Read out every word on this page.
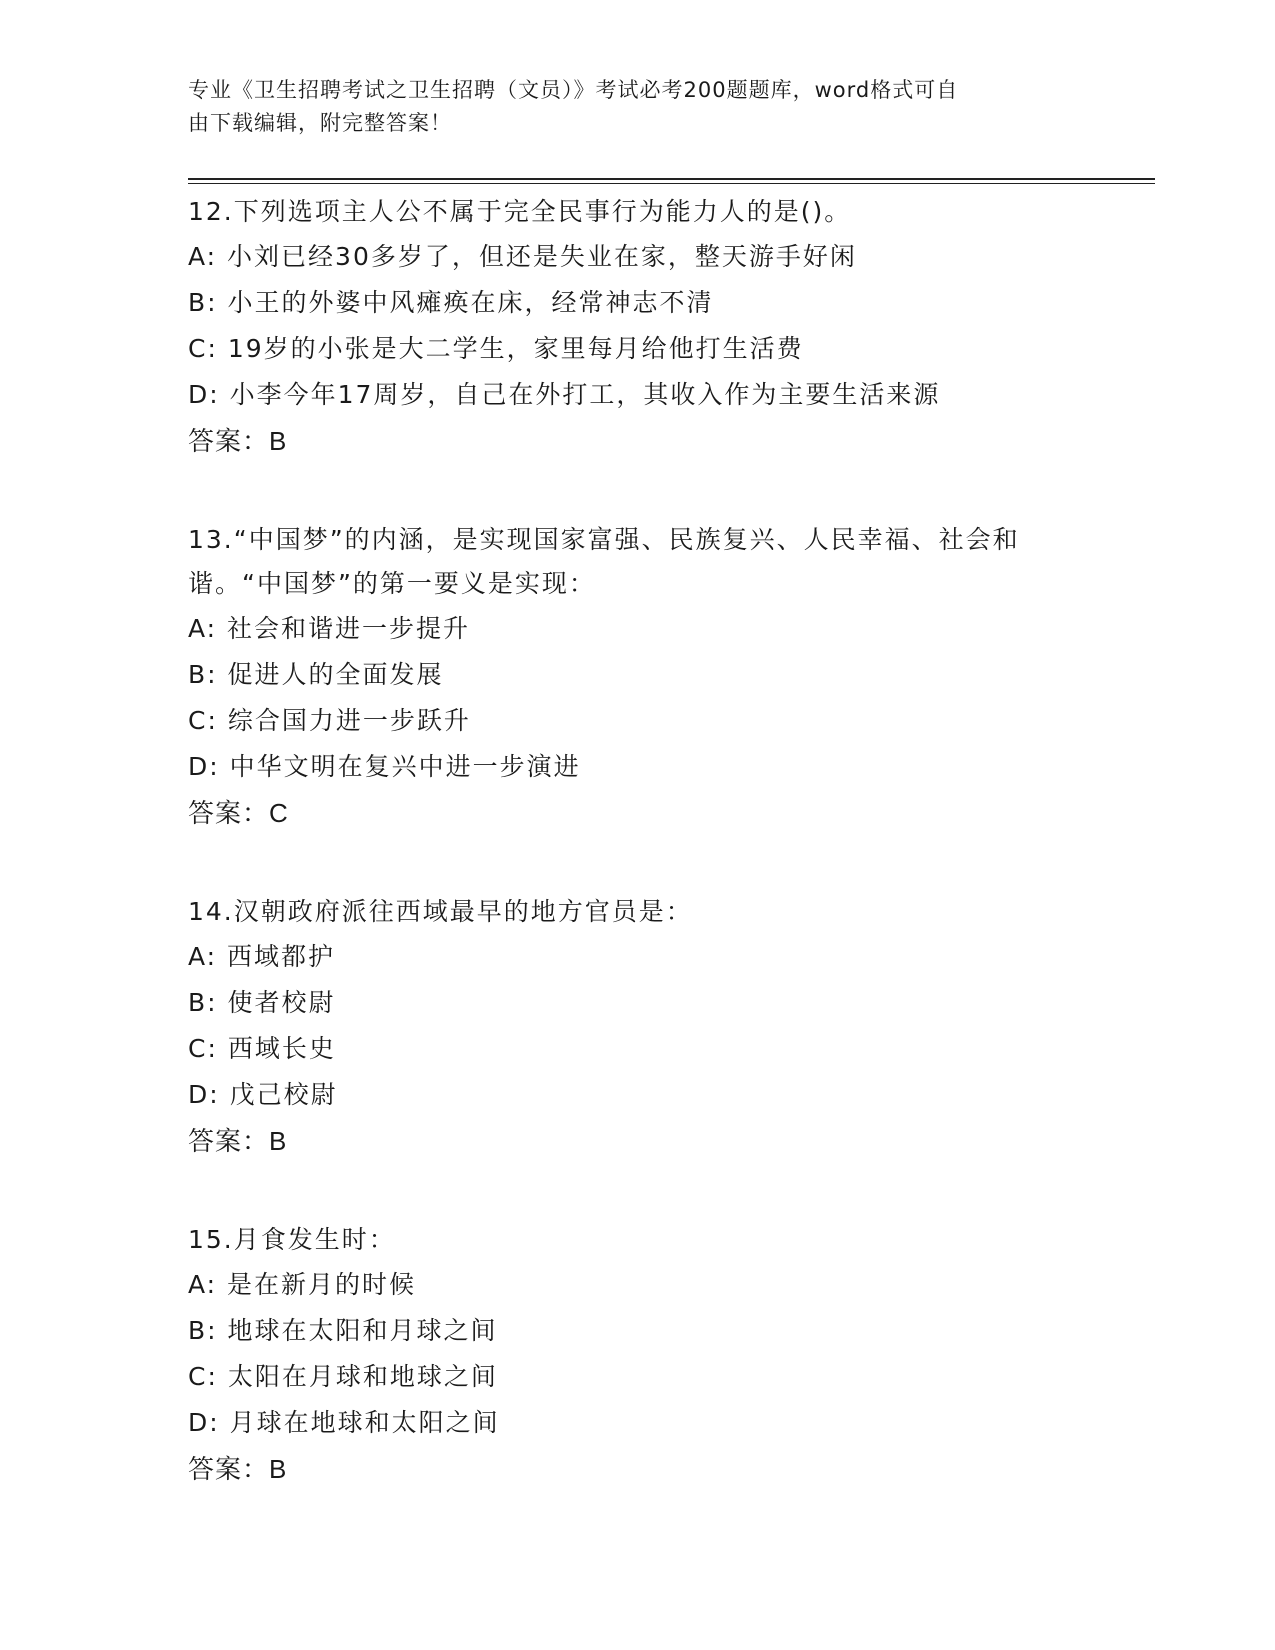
专业《卫生招聘考试之卫生招聘（文员）》考试必考200题题库，word格式可自
由下载编辑，附完整答案！
12.下列选项主人公不属于完全民事行为能力人的是()。
A: 小刘已经30多岁了，但还是失业在家，整天游手好闲
B: 小王的外婆中风瘫痪在床，经常神志不清
C: 19岁的小张是大二学生，家里每月给他打生活费
D: 小李今年17周岁，自己在外打工，其收入作为主要生活来源
答案：B
13.“中国梦”的内涵，是实现国家富强、民族复兴、人民幸福、社会和谐。“中国梦”的第一要义是实现：
A: 社会和谐进一步提升
B: 促进人的全面发展
C: 综合国力进一步跃升
D: 中华文明在复兴中进一步演进
答案：C
14.汉朝政府派往西域最早的地方官员是：
A: 西域都护
B: 使者校尉
C: 西域长史
D: 戊己校尉
答案：B
15.月食发生时：
A: 是在新月的时候
B: 地球在太阳和月球之间
C: 太阳在月球和地球之间
D: 月球在地球和太阳之间
答案：B
